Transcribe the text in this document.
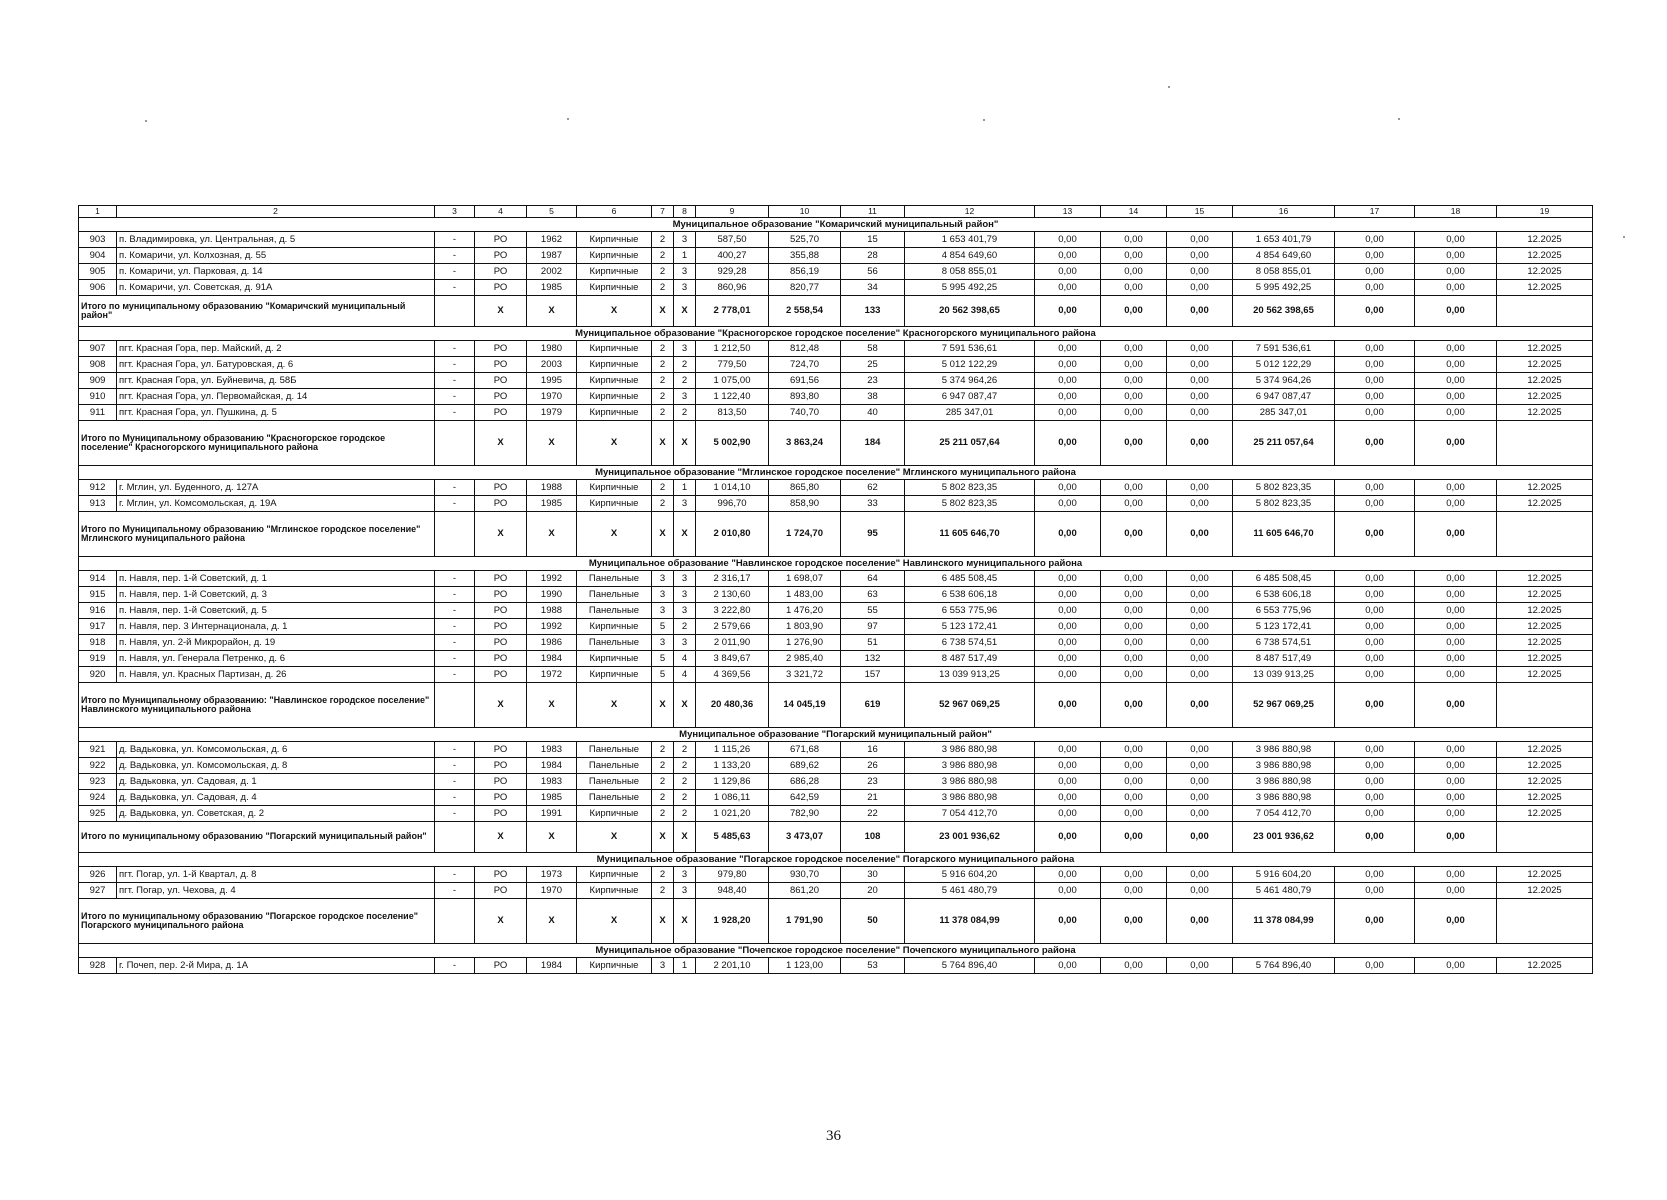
1	2	3	4	5	6	7	8	9	10	11	12	13	14	15	16	17	18	19
Муниципальное образование "Комаричский муниципальный район"																		
903	п. Владимировка, ул. Центральная, д. 5	-	РО	1962	Кирпичные	2	3	587,50	525,70	15	1 653 401,79	0,00	0,00	0,00	1 653 401,79	0,00	0,00	12.2025
904	п. Комаричи, ул. Колхозная, д. 55	-	РО	1987	Кирпичные	2	1	400,27	355,88	28	4 854 649,60	0,00	0,00	0,00	4 854 649,60	0,00	0,00	12.2025
905	п. Комаричи, ул. Парковая, д. 14	-	РО	2002	Кирпичные	2	3	929,28	856,19	56	8 058 855,01	0,00	0,00	0,00	8 058 855,01	0,00	0,00	12.2025
906	п. Комаричи, ул. Советская, д. 91А	-	РО	1985	Кирпичные	2	3	860,96	820,77	34	5 995 492,25	0,00	0,00	0,00	5 995 492,25	0,00	0,00	12.2025
Итого по муниципальному образованию "Комаричский муниципальный район"			Х	Х	Х	Х	Х	2 778,01	2 558,54	133	20 562 398,65	0,00	0,00	0,00	20 562 398,65	0,00	0,00	
Муниципальное образование "Красногорское городское поселение" Красногорского муниципального района																		
907	пгт. Красная Гора, пер. Майский, д. 2	-	РО	1980	Кирпичные	2	3	1 212,50	812,48	58	7 591 536,61	0,00	0,00	0,00	7 591 536,61	0,00	0,00	12.2025
908	пгт. Красная Гора, ул. Батуровская, д. 6	-	РО	2003	Кирпичные	2	2	779,50	724,70	25	5 012 122,29	0,00	0,00	0,00	5 012 122,29	0,00	0,00	12.2025
909	пгт. Красная Гора, ул. Буйневича, д. 58Б	-	РО	1995	Кирпичные	2	2	1 075,00	691,56	23	5 374 964,26	0,00	0,00	0,00	5 374 964,26	0,00	0,00	12.2025
910	пгт. Красная Гора, ул. Первомайская, д. 14	-	РО	1970	Кирпичные	2	3	1 122,40	893,80	38	6 947 087,47	0,00	0,00	0,00	6 947 087,47	0,00	0,00	12.2025
911	пгт. Красная Гора, ул. Пушкина, д. 5	-	РО	1979	Кирпичные	2	2	813,50	740,70	40	285 347,01	0,00	0,00	0,00	285 347,01	0,00	0,00	12.2025
Итого по Муниципальному образованию "Красногорское городское поселение" Красногорского муниципального района			Х	Х	Х	Х	Х	5 002,90	3 863,24	184	25 211 057,64	0,00	0,00	0,00	25 211 057,64	0,00	0,00	
Муниципальное образование "Мглинское городское поселение" Мглинского муниципального района																		
912	г. Мглин, ул. Буденного, д. 127А	-	РО	1988	Кирпичные	2	1	1 014,10	865,80	62	5 802 823,35	0,00	0,00	0,00	5 802 823,35	0,00	0,00	12.2025
913	г. Мглин, ул. Комсомольская, д. 19А	-	РО	1985	Кирпичные	2	3	996,70	858,90	33	5 802 823,35	0,00	0,00	0,00	5 802 823,35	0,00	0,00	12.2025
Итого по Муниципальному образованию "Мглинское городское поселение" Мглинского муниципального района			Х	Х	Х	Х	Х	2 010,80	1 724,70	95	11 605 646,70	0,00	0,00	0,00	11 605 646,70	0,00	0,00	
Муниципальное образование "Навлинское городское поселение" Навлинского муниципального района																		
914	п. Навля, пер. 1-й Советский, д. 1	-	РО	1992	Панельные	3	3	2 316,17	1 698,07	64	6 485 508,45	0,00	0,00	0,00	6 485 508,45	0,00	0,00	12.2025
915	п. Навля, пер. 1-й Советский, д. 3	-	РО	1990	Панельные	3	3	2 130,60	1 483,00	63	6 538 606,18	0,00	0,00	0,00	6 538 606,18	0,00	0,00	12.2025
916	п. Навля, пер. 1-й Советский, д. 5	-	РО	1988	Панельные	3	3	3 222,80	1 476,20	55	6 553 775,96	0,00	0,00	0,00	6 553 775,96	0,00	0,00	12.2025
917	п. Навля, пер. 3 Интернационала, д. 1	-	РО	1992	Кирпичные	5	2	2 579,66	1 803,90	97	5 123 172,41	0,00	0,00	0,00	5 123 172,41	0,00	0,00	12.2025
918	п. Навля, ул. 2-й Микрорайон, д. 19	-	РО	1986	Панельные	3	3	2 011,90	1 276,90	51	6 738 574,51	0,00	0,00	0,00	6 738 574,51	0,00	0,00	12.2025
919	п. Навля, ул. Генерала Петренко, д. 6	-	РО	1984	Кирпичные	5	4	3 849,67	2 985,40	132	8 487 517,49	0,00	0,00	0,00	8 487 517,49	0,00	0,00	12.2025
920	п. Навля, ул. Красных Партизан, д. 26	-	РО	1972	Кирпичные	5	4	4 369,56	3 321,72	157	13 039 913,25	0,00	0,00	0,00	13 039 913,25	0,00	0,00	12.2025
Итого по Муниципальному образованию: "Навлинское городское поселение" Навлинского муниципального района			Х	Х	Х	Х	Х	20 480,36	14 045,19	619	52 967 069,25	0,00	0,00	0,00	52 967 069,25	0,00	0,00	
Муниципальное образование "Погарский муниципальный район"																		
921	д. Вадьковка, ул. Комсомольская, д. 6	-	РО	1983	Панельные	2	2	1 115,26	671,68	16	3 986 880,98	0,00	0,00	0,00	3 986 880,98	0,00	0,00	12.2025
922	д. Вадьковка, ул. Комсомольская, д. 8	-	РО	1984	Панельные	2	2	1 133,20	689,62	26	3 986 880,98	0,00	0,00	0,00	3 986 880,98	0,00	0,00	12.2025
923	д. Вадьковка, ул. Садовая, д. 1	-	РО	1983	Панельные	2	2	1 129,86	686,28	23	3 986 880,98	0,00	0,00	0,00	3 986 880,98	0,00	0,00	12.2025
924	д. Вадьковка, ул. Садовая, д. 4	-	РО	1985	Панельные	2	2	1 086,11	642,59	21	3 986 880,98	0,00	0,00	0,00	3 986 880,98	0,00	0,00	12.2025
925	д. Вадьковка, ул. Советская, д. 2	-	РО	1991	Кирпичные	2	2	1 021,20	782,90	22	7 054 412,70	0,00	0,00	0,00	7 054 412,70	0,00	0,00	12.2025
Итого по муниципальному образованию "Погарский муниципальный район"			Х	Х	Х	Х	Х	5 485,63	3 473,07	108	23 001 936,62	0,00	0,00	0,00	23 001 936,62	0,00	0,00	
Муниципальное образование "Погарское городское поселение" Погарского муниципального района																		
926	пгт. Погар, ул. 1-й Квартал, д. 8	-	РО	1973	Кирпичные	2	3	979,80	930,70	30	5 916 604,20	0,00	0,00	0,00	5 916 604,20	0,00	0,00	12.2025
927	пгт. Погар, ул. Чехова, д. 4	-	РО	1970	Кирпичные	2	3	948,40	861,20	20	5 461 480,79	0,00	0,00	0,00	5 461 480,79	0,00	0,00	12.2025
Итого по муниципальному образованию "Погарское городское поселение" Погарского муниципального района			Х	Х	Х	Х	Х	1 928,20	1 791,90	50	11 378 084,99	0,00	0,00	0,00	11 378 084,99	0,00	0,00	
Муниципальное образование "Почепское городское поселение" Почепского муниципального района																		
928	г. Почеп, пер. 2-й Мира, д. 1А	-	РО	1984	Кирпичные	3	1	2 201,10	1 123,00	53	5 764 896,40	0,00	0,00	0,00	5 764 896,40	0,00	0,00	12.2025
36
